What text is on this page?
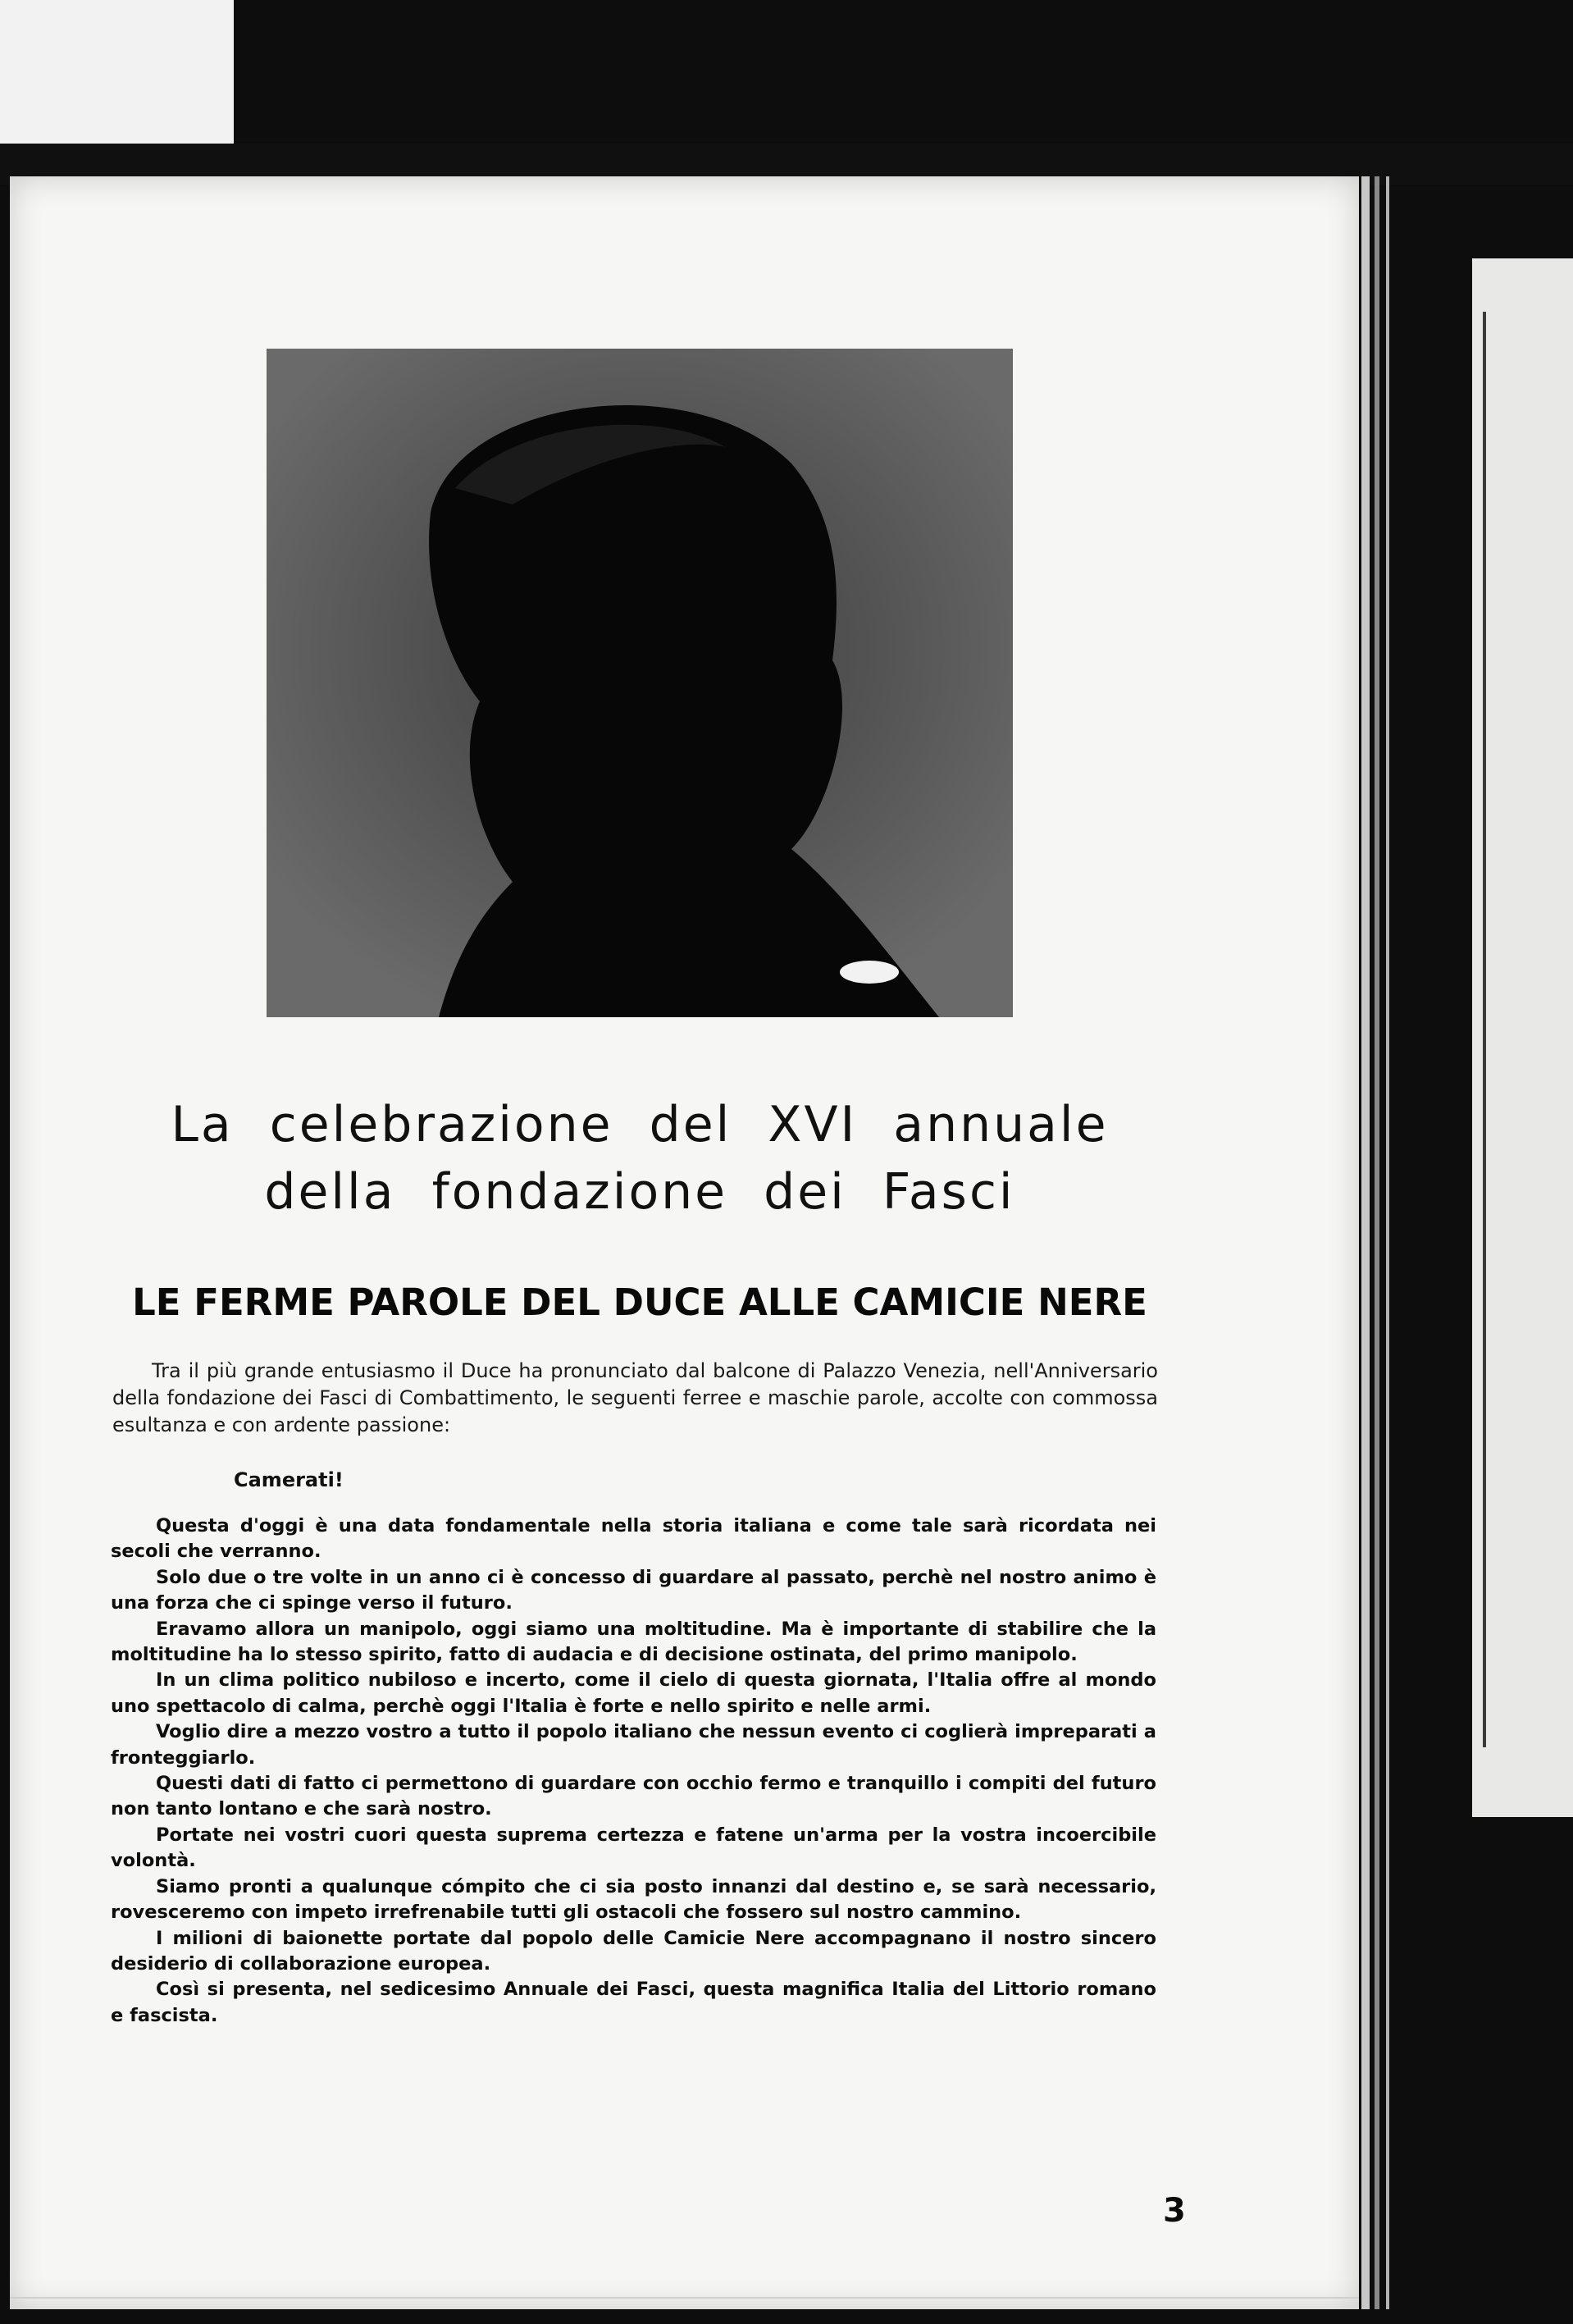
La celebrazione del XVI annuale della fondazione dei Fasci
LE FERME PAROLE DEL DUCE ALLE CAMICIE NERE
Tra il più grande entusiasmo il Duce ha pronunciato dal balcone di Palazzo Venezia, nell'Anniversario della fondazione dei Fasci di Combattimento, le seguenti ferree e maschie parole, accolte con commossa esultanza e con ardente passione:
Camerati!

Questa d'oggi è una data fondamentale nella storia italiana e come tale sarà ricordata nei secoli che verranno.

Solo due o tre volte in un anno ci è concesso di guardare al passato, perchè nel nostro animo è una forza che ci spinge verso il futuro.

Eravamo allora un manipolo, oggi siamo una moltitudine. Ma è importante di stabilire che la moltitudine ha lo stesso spirito, fatto di audacia e di decisione ostinata, del primo manipolo.

In un clima politico nubiloso e incerto, come il cielo di questa giornata, l'Italia offre al mondo uno spettacolo di calma, perchè oggi l'Italia è forte e nello spirito e nelle armi.

Voglio dire a mezzo vostro a tutto il popolo italiano che nessun evento ci coglierà impreparati a fronteggiarlo.

Questi dati di fatto ci permettono di guardare con occhio fermo e tranquillo i compiti del futuro non tanto lontano e che sarà nostro.

Portate nei vostri cuori questa suprema certezza e fatene un'arma per la vostra incoercibile volontà.

Siamo pronti a qualunque cómpito che ci sia posto innanzi dal destino e, se sarà necessario, rovesceremo con impeto irrefrenabile tutti gli ostacoli che fossero sul nostro cammino.

I milioni di baionette portate dal popolo delle Camicie Nere accompagnano il nostro sincero desiderio di collaborazione europea.

Così si presenta, nel sedicesimo Annuale dei Fasci, questa magnifica Italia del Littorio romano e fascista.

3
